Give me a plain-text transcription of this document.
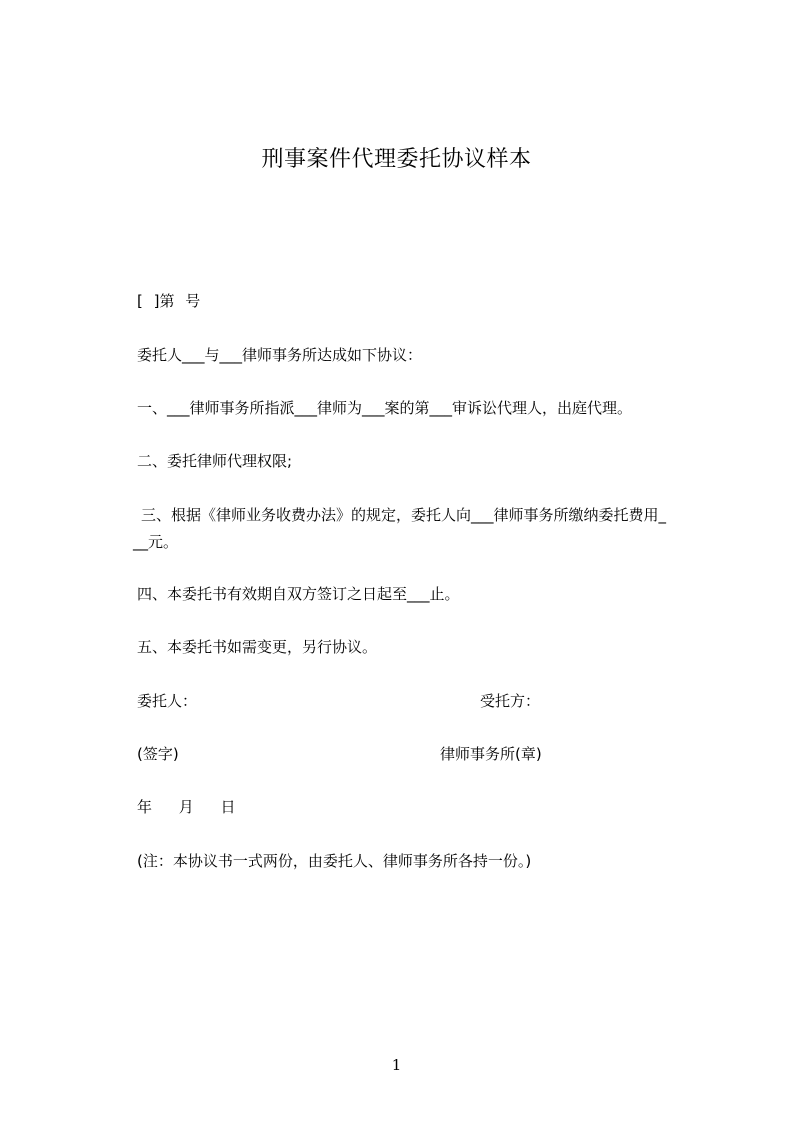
刑事案件代理委托协议样本
[ ]第 号
委托人___与___律师事务所达成如下协议：
一、___律师事务所指派___律师为___案的第___审诉讼代理人，出庭代理。
二、委托律师代理权限;
三、根据《律师业务收费办法》的规定，委托人向___律师事务所缴纳委托费用_
__元。
四、本委托书有效期自双方签订之日起至___止。
五、本委托书如需变更，另行协议。
委托人：	受托方：
(签字)	律师事务所(章)
年 月 日
(注：本协议书一式两份，由委托人、律师事务所各持一份。)
1
